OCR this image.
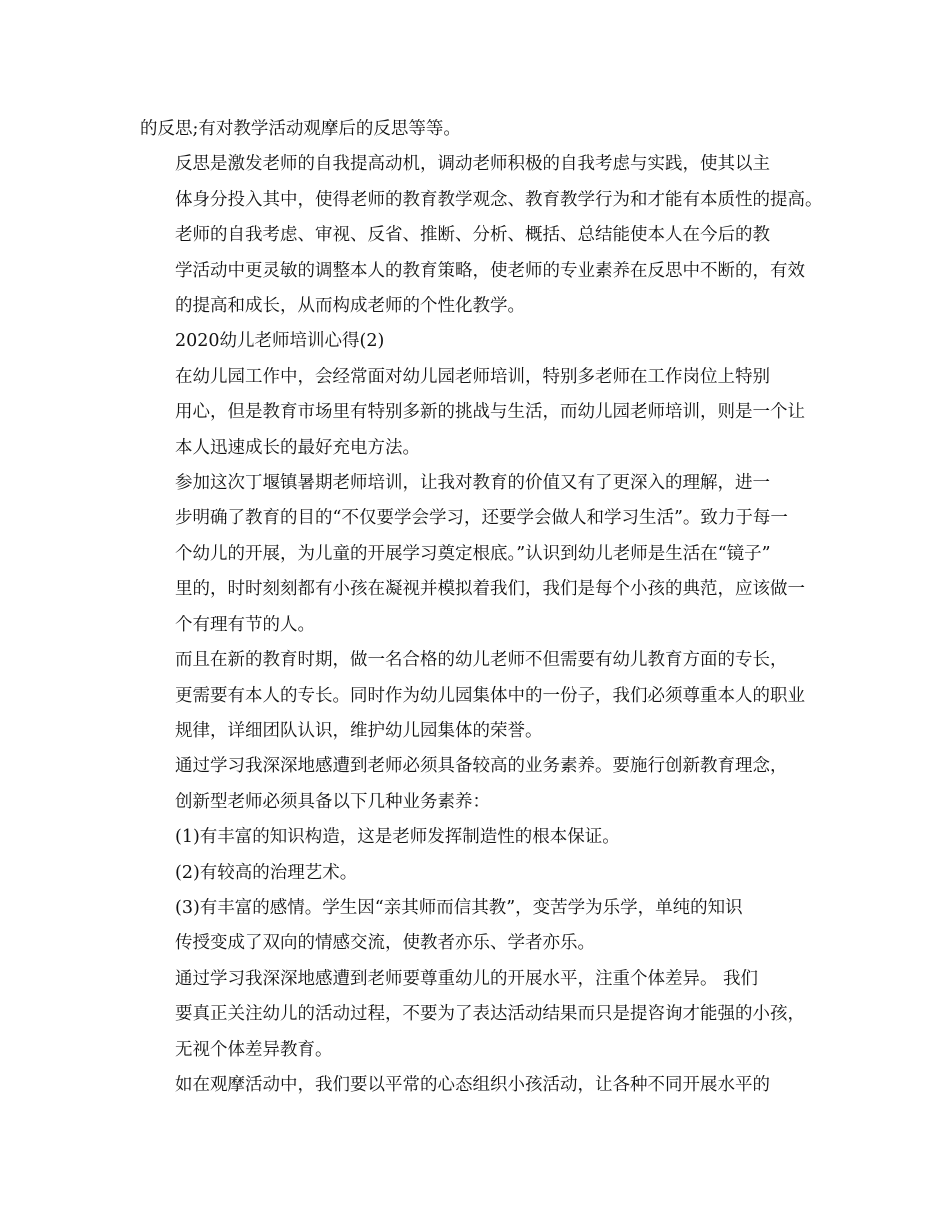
的反思;有对教学活动观摩后的反思等等。

反思是激发老师的自我提高动机，调动老师积极的自我考虑与实践，使其以主
体身分投入其中，使得老师的教育教学观念、教育教学行为和才能有本质性的提高。

老师的自我考虑、审视、反省、推断、分析、概括、总结能使本人在今后的教
学活动中更灵敏的调整本人的教育策略，使老师的专业素养在反思中不断的，有效
的提高和成长，从而构成老师的个性化教学。

2020幼儿老师培训心得(2)

在幼儿园工作中，会经常面对幼儿园老师培训，特别多老师在工作岗位上特别
用心，但是教育市场里有特别多新的挑战与生活，而幼儿园老师培训，则是一个让
本人迅速成长的最好充电方法。

参加这次丁堰镇暑期老师培训，让我对教育的价值又有了更深入的理解，进一
步明确了教育的目的“不仅要学会学习，还要学会做人和学习生活”。致力于每一
个幼儿的开展，为儿童的开展学习奠定根底。”认识到幼儿老师是生活在“镜子”
里的，时时刻刻都有小孩在凝视并模拟着我们，我们是每个小孩的典范，应该做一
个有理有节的人。

而且在新的教育时期，做一名合格的幼儿老师不但需要有幼儿教育方面的专长，
更需要有本人的专长。同时作为幼儿园集体中的一份子，我们必须尊重本人的职业
规律，详细团队认识，维护幼儿园集体的荣誉。

通过学习我深深地感遭到老师必须具备较高的业务素养。要施行创新教育理念，
创新型老师必须具备以下几种业务素养：

(1)有丰富的知识构造，这是老师发挥制造性的根本保证。

(2)有较高的治理艺术。

(3)有丰富的感情。学生因“亲其师而信其教”，变苦学为乐学，单纯的知识
传授变成了双向的情感交流，使教者亦乐、学者亦乐。

通过学习我深深地感遭到老师要尊重幼儿的开展水平，注重个体差异。 我们
要真正关注幼儿的活动过程，不要为了表达活动结果而只是提咨询才能强的小孩，
无视个体差异教育。

如在观摩活动中，我们要以平常的心态组织小孩活动，让各种不同开展水平的
